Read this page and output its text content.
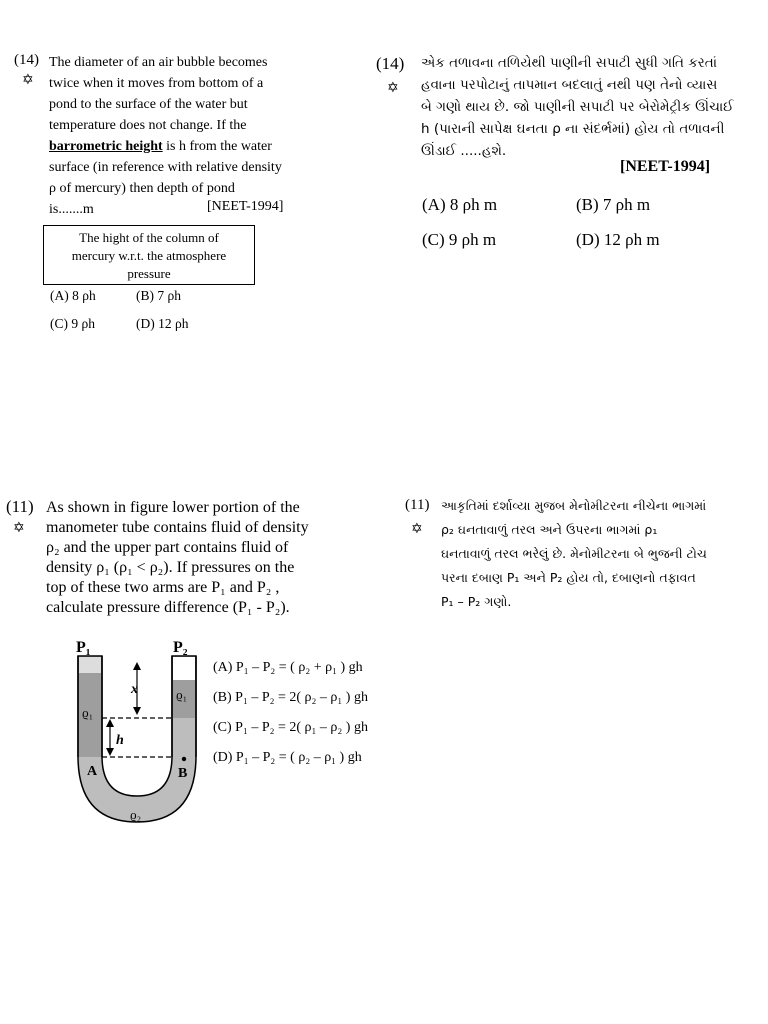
(14)
✡
The diameter of an air bubble becomes
twice when it moves from bottom of a
pond to the surface of the water but
temperature does not change. If the
barrometric height is h from the water
surface (in reference with relative density
ρ of mercury) then depth of pond
is.......m	[NEET-1994]
The hight of the column of
mercury w.r.t. the atmosphere
pressure
(A) 8 ρh	(B) 7 ρh
(C) 9 ρh	(D) 12 ρh
(14)
✡
એક તળાવના તળિયેથી પાણીની સપાટી સુધી ગતિ કરતાં
હવાના પરપોટાનું તાપમાન બદલાતું નથી પણ તેનો વ્યાસ
બે ગણો થાય છે. જો પાણીની સપાટી પર બેરોમેટ્રીક ઊંચાઈ
h (પારાની સાપેક્ષ ઘનતા ρ ના સંદર્ભમાં) હોય તો તળાવની
ઊંડાઈ .....હશે.
[NEET-1994]
(A) 8 ρh m	(B) 7 ρh m
(C) 9 ρh m	(D) 12 ρh m
(11)
✡
As shown in figure lower portion of the
manometer tube contains fluid of density
ρ₂ and the upper part contains fluid of
density ρ₁ (ρ₁ < ρ₂). If pressures on the
top of these two arms are P₁ and P₂ ,
calculate pressure difference (P₁ - P₂).
P₁	P₂
x
h
ϱ₁
ϱ₁
ϱ₂
A	B
(A) P₁ – P₂ = ( ρ₂ + ρ₁ ) gh
(B) P₁ – P₂ = 2( ρ₂ – ρ₁ ) gh
(C) P₁ – P₂ = 2( ρ₁ – ρ₂ ) gh
(D) P₁ – P₂ = ( ρ₂ – ρ₁ ) gh
(11)
✡
આકૃતિમાં દર્શાવ્યા મુજબ મેનોમીટરના નીચેના ભાગમાં
ρ₂ ઘનતાવાળું તરલ અને ઉપરના ભાગમાં ρ₁
ઘનતાવાળું તરલ ભરેલું છે. મેનોમીટરના બે ભુજની ટોચ
પરના દબાણ P₁ અને P₂ હોય તો, દબાણનો તફાવત
P₁ – P₂ ગણો.
